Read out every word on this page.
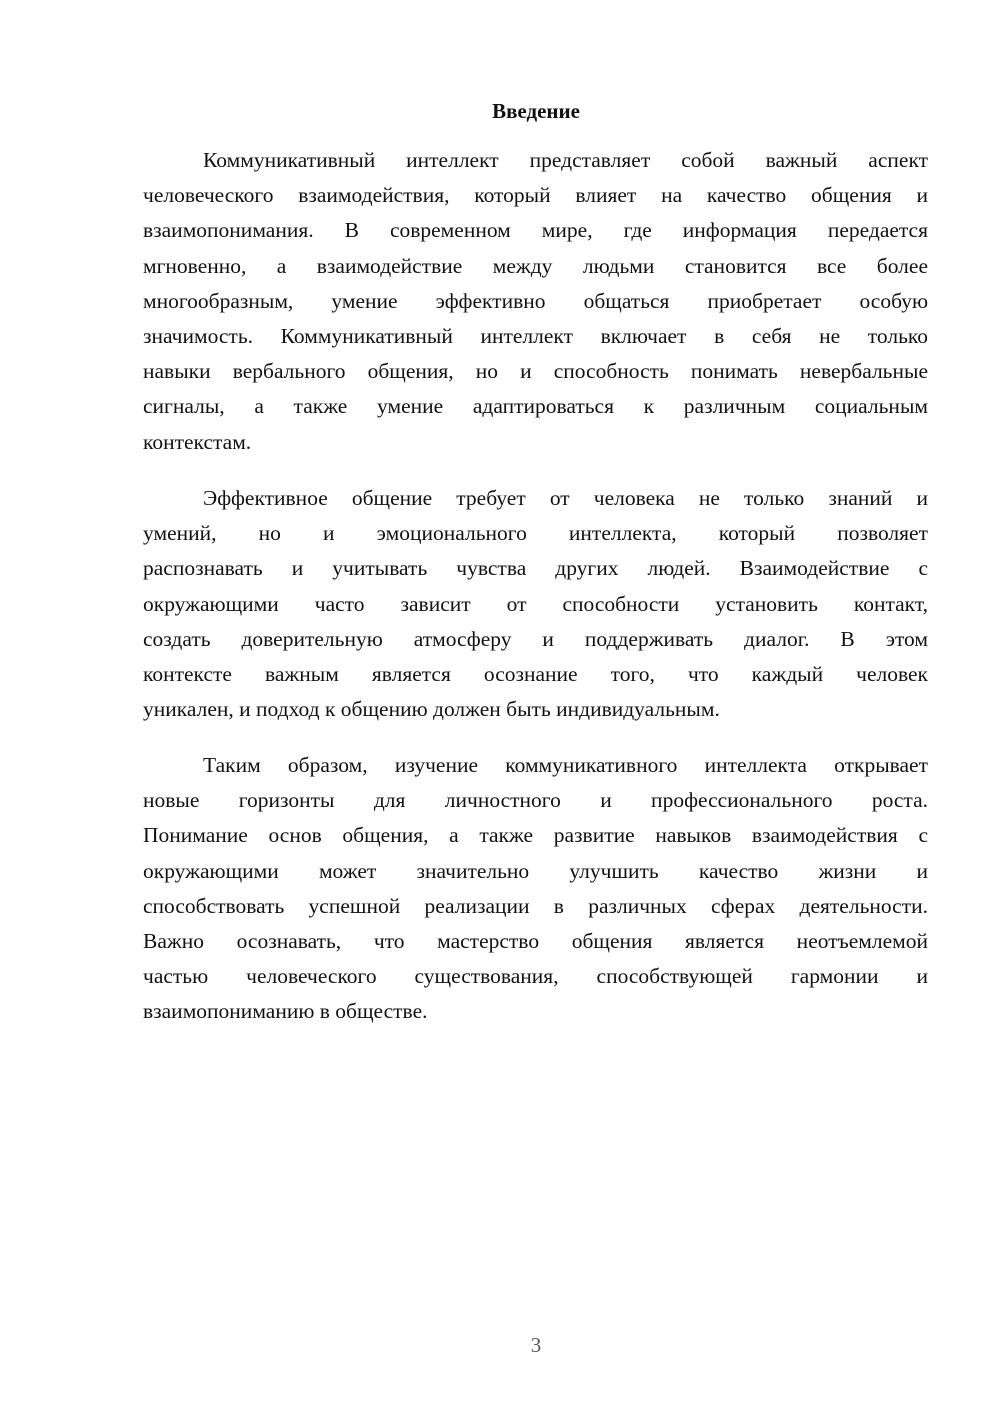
Введение
Коммуникативный интеллект представляет собой важный аспект
человеческого взаимодействия, который влияет на качество общения и
взаимопонимания. В современном мире, где информация передается
мгновенно, а взаимодействие между людьми становится все более
многообразным, умение эффективно общаться приобретает особую
значимость. Коммуникативный интеллект включает в себя не только
навыки вербального общения, но и способность понимать невербальные
сигналы, а также умение адаптироваться к различным социальным
контекстам.
Эффективное общение требует от человека не только знаний и
умений, но и эмоционального интеллекта, который позволяет
распознавать и учитывать чувства других людей. Взаимодействие с
окружающими часто зависит от способности установить контакт,
создать доверительную атмосферу и поддерживать диалог. В этом
контексте важным является осознание того, что каждый человек
уникален, и подход к общению должен быть индивидуальным.
Таким образом, изучение коммуникативного интеллекта открывает
новые горизонты для личностного и профессионального роста.
Понимание основ общения, а также развитие навыков взаимодействия с
окружающими может значительно улучшить качество жизни и
способствовать успешной реализации в различных сферах деятельности.
Важно осознавать, что мастерство общения является неотъемлемой
частью человеческого существования, способствующей гармонии и
взаимопониманию в обществе.
3
